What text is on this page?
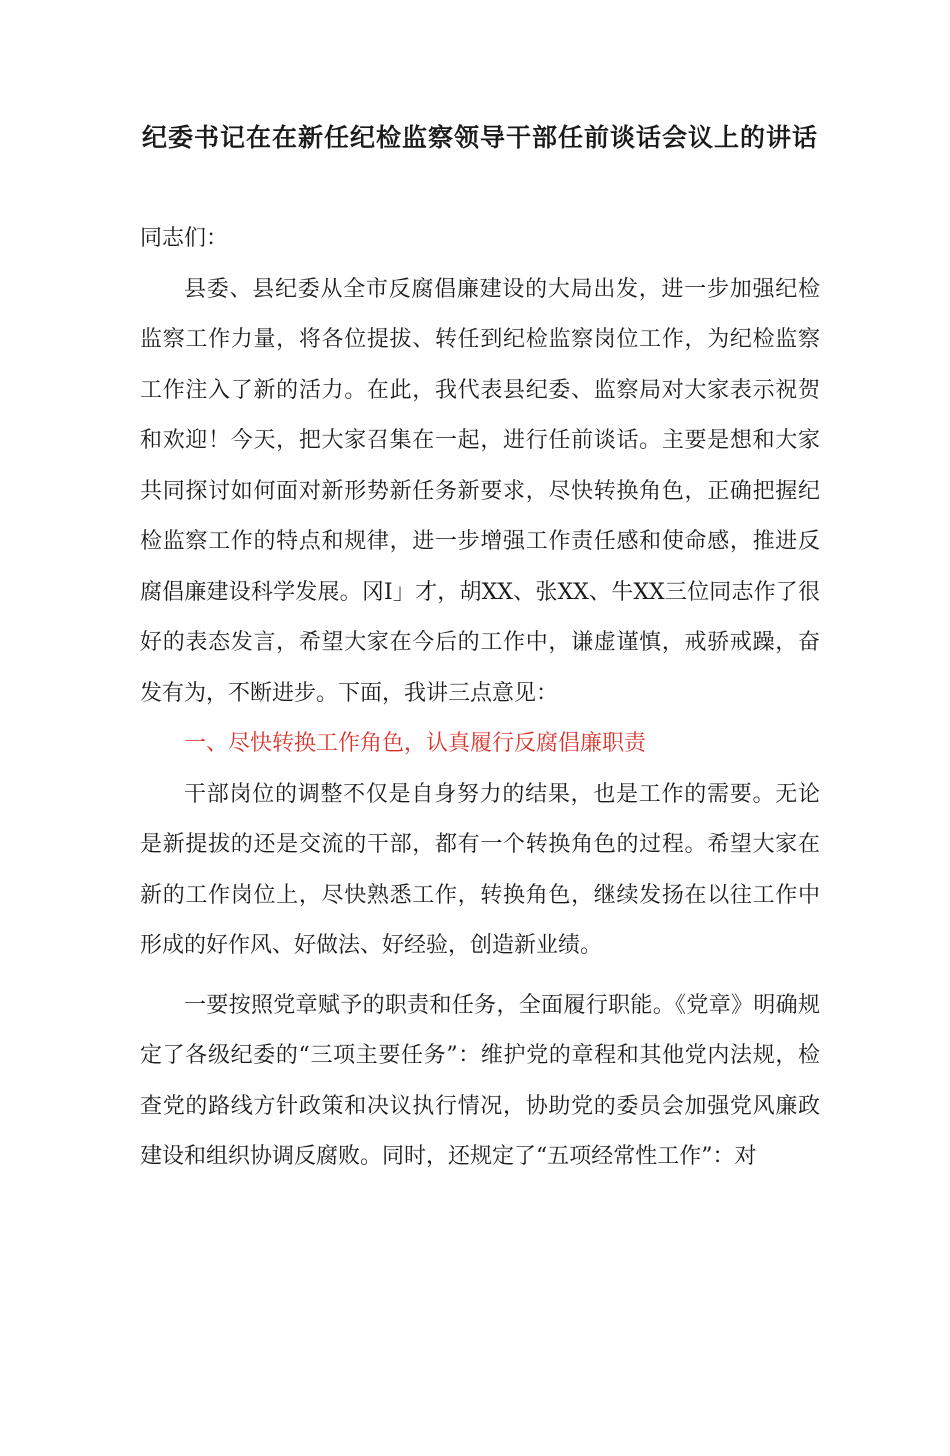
纪委书记在在新任纪检监察领导干部任前谈话会议上的讲话

同志们：

县委、县纪委从全市反腐倡廉建设的大局出发，进一步加强纪检监察工作力量，将各位提拔、转任到纪检监察岗位工作，为纪检监察工作注入了新的活力。在此，我代表县纪委、监察局对大家表示祝贺和欢迎！今天，把大家召集在一起，进行任前谈话。主要是想和大家共同探讨如何面对新形势新任务新要求，尽快转换角色，正确把握纪检监察工作的特点和规律，进一步增强工作责任感和使命感，推进反腐倡廉建设科学发展。冈I」才，胡XX、张XX、牛XX三位同志作了很好的表态发言，希望大家在今后的工作中，谦虚谨慎，戒骄戒躁，奋发有为，不断进步。下面，我讲三点意见：

一、尽快转换工作角色，认真履行反腐倡廉职责

干部岗位的调整不仅是自身努力的结果，也是工作的需要。无论是新提拔的还是交流的干部，都有一个转换角色的过程。希望大家在新的工作岗位上，尽快熟悉工作，转换角色，继续发扬在以往工作中形成的好作风、好做法、好经验，创造新业绩。

一要按照党章赋予的职责和任务，全面履行职能。《党章》明确规定了各级纪委的“三项主要任务”：维护党的章程和其他党内法规，检查党的路线方针政策和决议执行情况，协助党的委员会加强党风廉政建设和组织协调反腐败。同时，还规定了“五项经常性工作”：对
